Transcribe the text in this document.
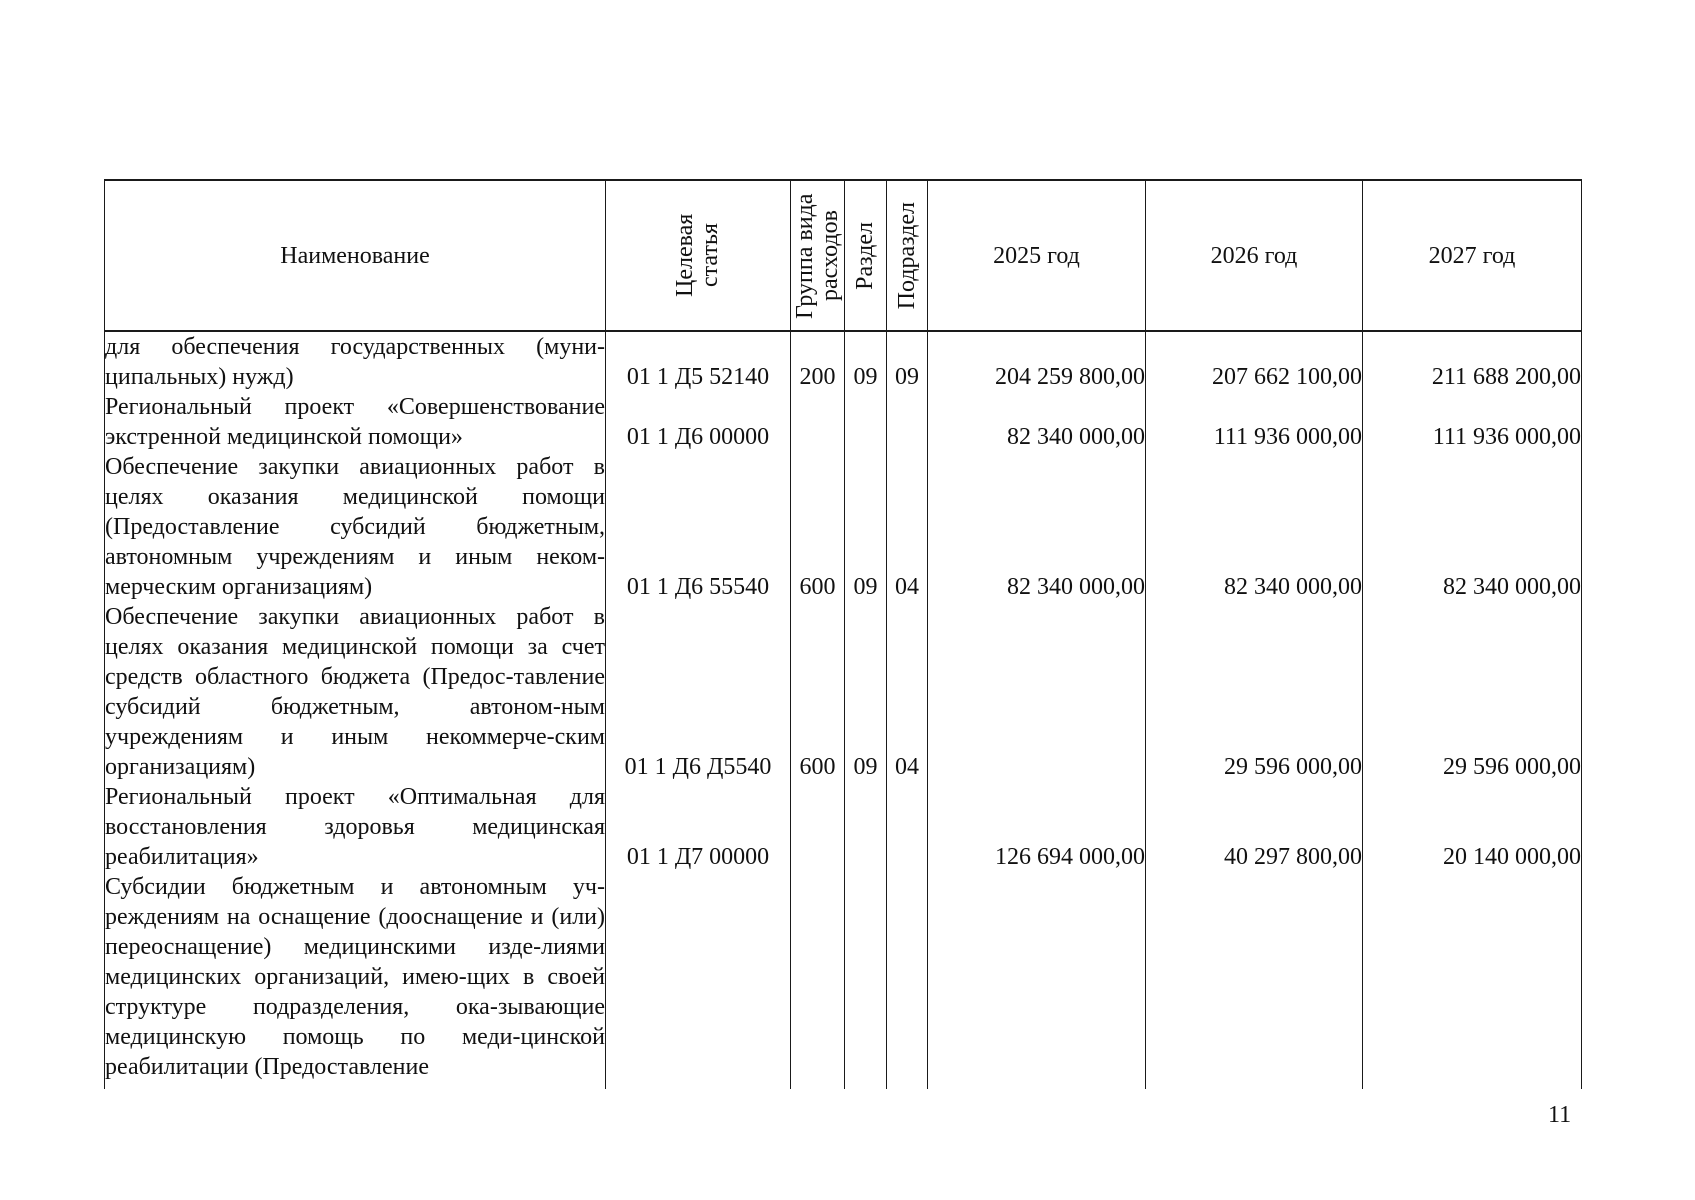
Наименование	Целевая статья	Группа вида расходов	Раздел	Подраздел	2025 год	2026 год	2027 год
для обеспечения государственных (муни-ципальных) нужд)	01 1 Д5 52140	200	09	09	204 259 800,00	207 662 100,00	211 688 200,00
Региональный проект «Совершенствование экстренной медицинской помощи»	01 1 Д6 00000				82 340 000,00	111 936 000,00	111 936 000,00
Обеспечение закупки авиационных работ в целях оказания медицинской помощи (Предоставление субсидий бюджетным, автономным учреждениям и иным неком-мерческим организациям)	01 1 Д6 55540	600	09	04	82 340 000,00	82 340 000,00	82 340 000,00
Обеспечение закупки авиационных работ в целях оказания медицинской помощи за счет средств областного бюджета (Предос-тавление субсидий бюджетным, автоном-ным учреждениям и иным некоммерче-ским организациям)	01 1 Д6 Д5540	600	09	04		29 596 000,00	29 596 000,00
Региональный проект «Оптимальная для восстановления здоровья медицинская реабилитация»	01 1 Д7 00000				126 694 000,00	40 297 800,00	20 140 000,00
Субсидии бюджетным и автономным уч-реждениям на оснащение (дооснащение и (или) переоснащение) медицинскими изде-лиями медицинских организаций, имею-щих в своей структуре подразделения, ока-зывающие медицинскую помощь по меди-цинской реабилитации (Предоставление							
11
